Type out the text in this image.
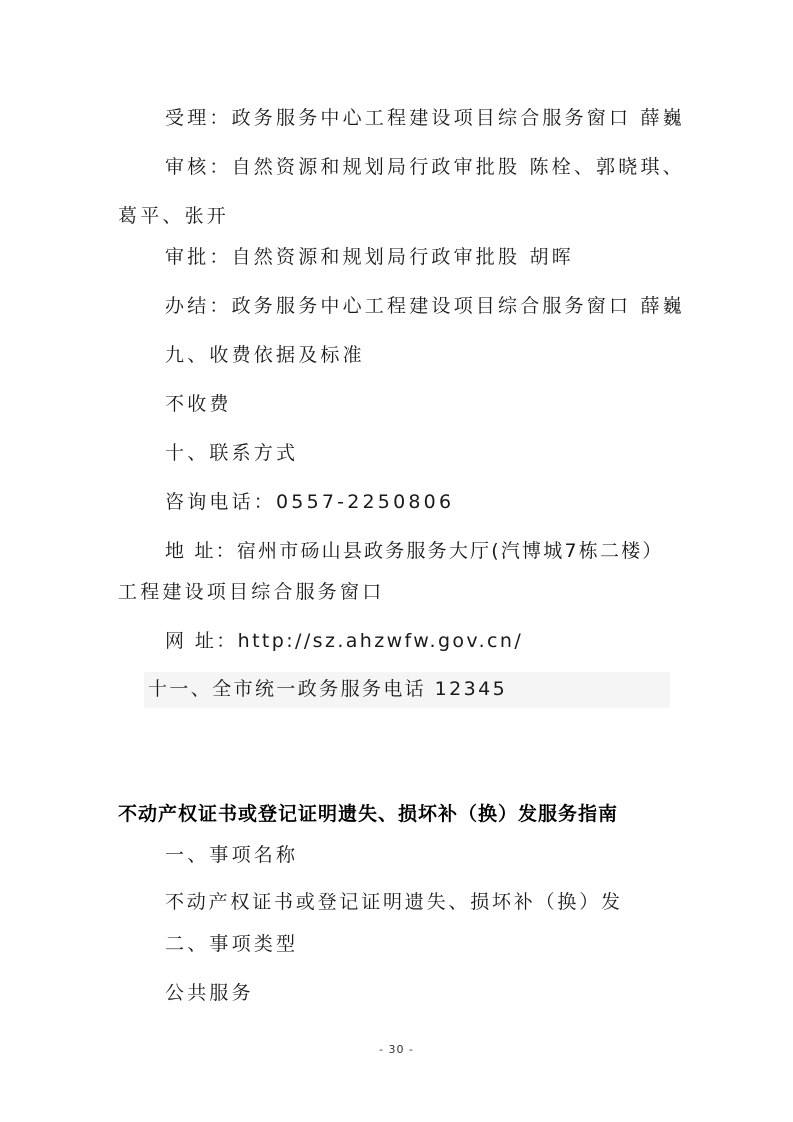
受理：政务服务中心工程建设项目综合服务窗口 薛巍
审核：自然资源和规划局行政审批股 陈栓、郭晓琪、
葛平、张开
审批：自然资源和规划局行政审批股 胡晖
办结：政务服务中心工程建设项目综合服务窗口 薛巍
九、收费依据及标准
不收费
十、联系方式
咨询电话：0557-2250806
地 址：宿州市砀山县政务服务大厅(汽博城7栋二楼）
工程建设项目综合服务窗口
网 址：http://sz.ahzwfw.gov.cn/
十一、全市统一政务服务电话 12345
不动产权证书或登记证明遗失、损坏补（换）发服务指南
一、事项名称
不动产权证书或登记证明遗失、损坏补（换）发
二、事项类型
公共服务
- 30 -
